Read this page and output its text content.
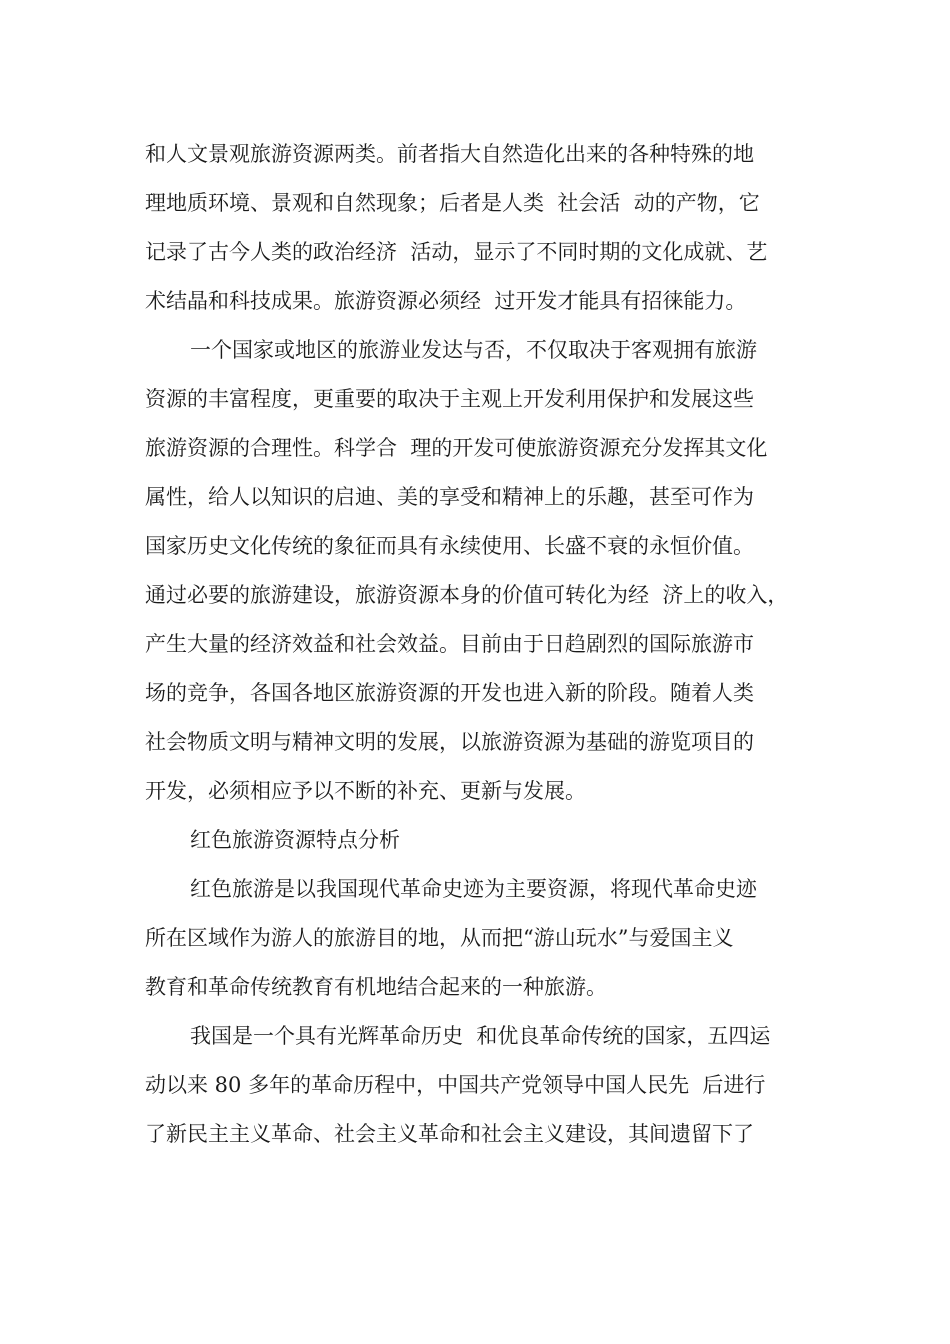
和人文景观旅游资源两类。前者指大自然造化出来的各种特殊的地
理地质环境、景观和自然现象；后者是人类  社会活  动的产物，它
记录了古今人类的政治经济  活动，显示了不同时期的文化成就、艺
术结晶和科技成果。旅游资源必须经  过开发才能具有招徕能力。
一个国家或地区的旅游业发达与否，不仅取决于客观拥有旅游
资源的丰富程度，更重要的取决于主观上开发利用保护和发展这些
旅游资源的合理性。科学合  理的开发可使旅游资源充分发挥其文化
属性，给人以知识的启迪、美的享受和精神上的乐趣，甚至可作为
国家历史文化传统的象征而具有永续使用、长盛不衰的永恒价值。
通过必要的旅游建设，旅游资源本身的价值可转化为经  济上的收入，
产生大量的经济效益和社会效益。目前由于日趋剧烈的国际旅游市
场的竞争，各国各地区旅游资源的开发也进入新的阶段。随着人类
社会物质文明与精神文明的发展，以旅游资源为基础的游览项目的
开发，必须相应予以不断的补充、更新与发展。
红色旅游资源特点分析
红色旅游是以我国现代革命史迹为主要资源，将现代革命史迹
所在区域作为游人的旅游目的地，从而把“游山玩水”与爱国主义
教育和革命传统教育有机地结合起来的一种旅游。
我国是一个具有光辉革命历史  和优良革命传统的国家，五四运
动以来 80 多年的革命历程中，中国共产党领导中国人民先  后进行
了新民主主义革命、社会主义革命和社会主义建设，其间遗留下了
